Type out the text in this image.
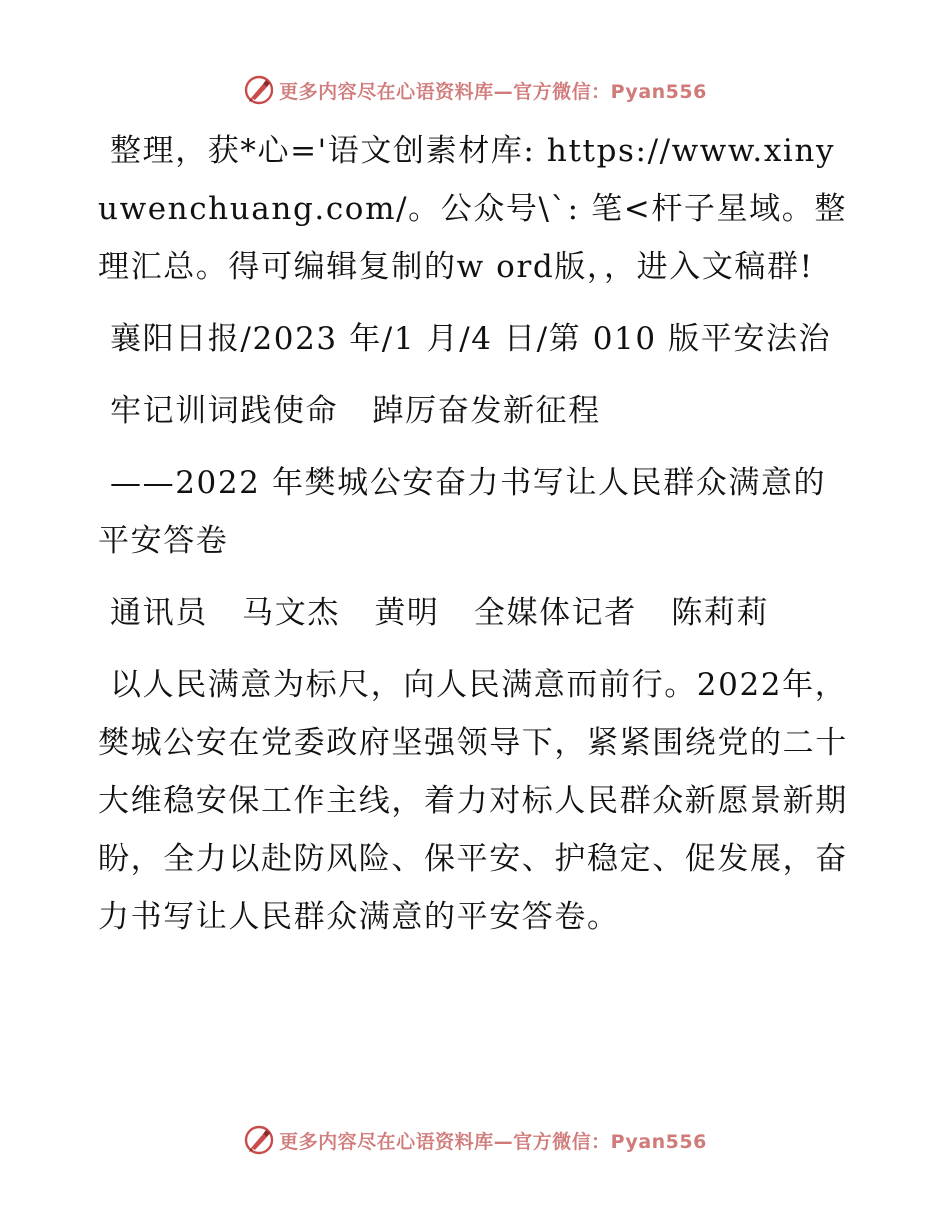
更多内容尽在心语资料库—官方微信：Pyan556

整理，获*心='语文创素材库: https://www.xinyuwenchuang.com/。公众号\`: 笔<杆子星域。整理汇总。得可编辑复制的w ord版，，进入文稿群!

襄阳日报/2023 年/1 月/4 日/第 010 版平安法治

牢记训词践使命   踔厉奋发新征程

——2022 年樊城公安奋力书写让人民群众满意的平安答卷

通讯员   马文杰   黄明   全媒体记者   陈莉莉

以人民满意为标尺，向人民满意而前行。2022年，樊城公安在党委政府坚强领导下，紧紧围绕党的二十大维稳安保工作主线，着力对标人民群众新愿景新期盼，全力以赴防风险、保平安、护稳定、促发展，奋力书写让人民群众满意的平安答卷。

更多内容尽在心语资料库—官方微信：Pyan556
